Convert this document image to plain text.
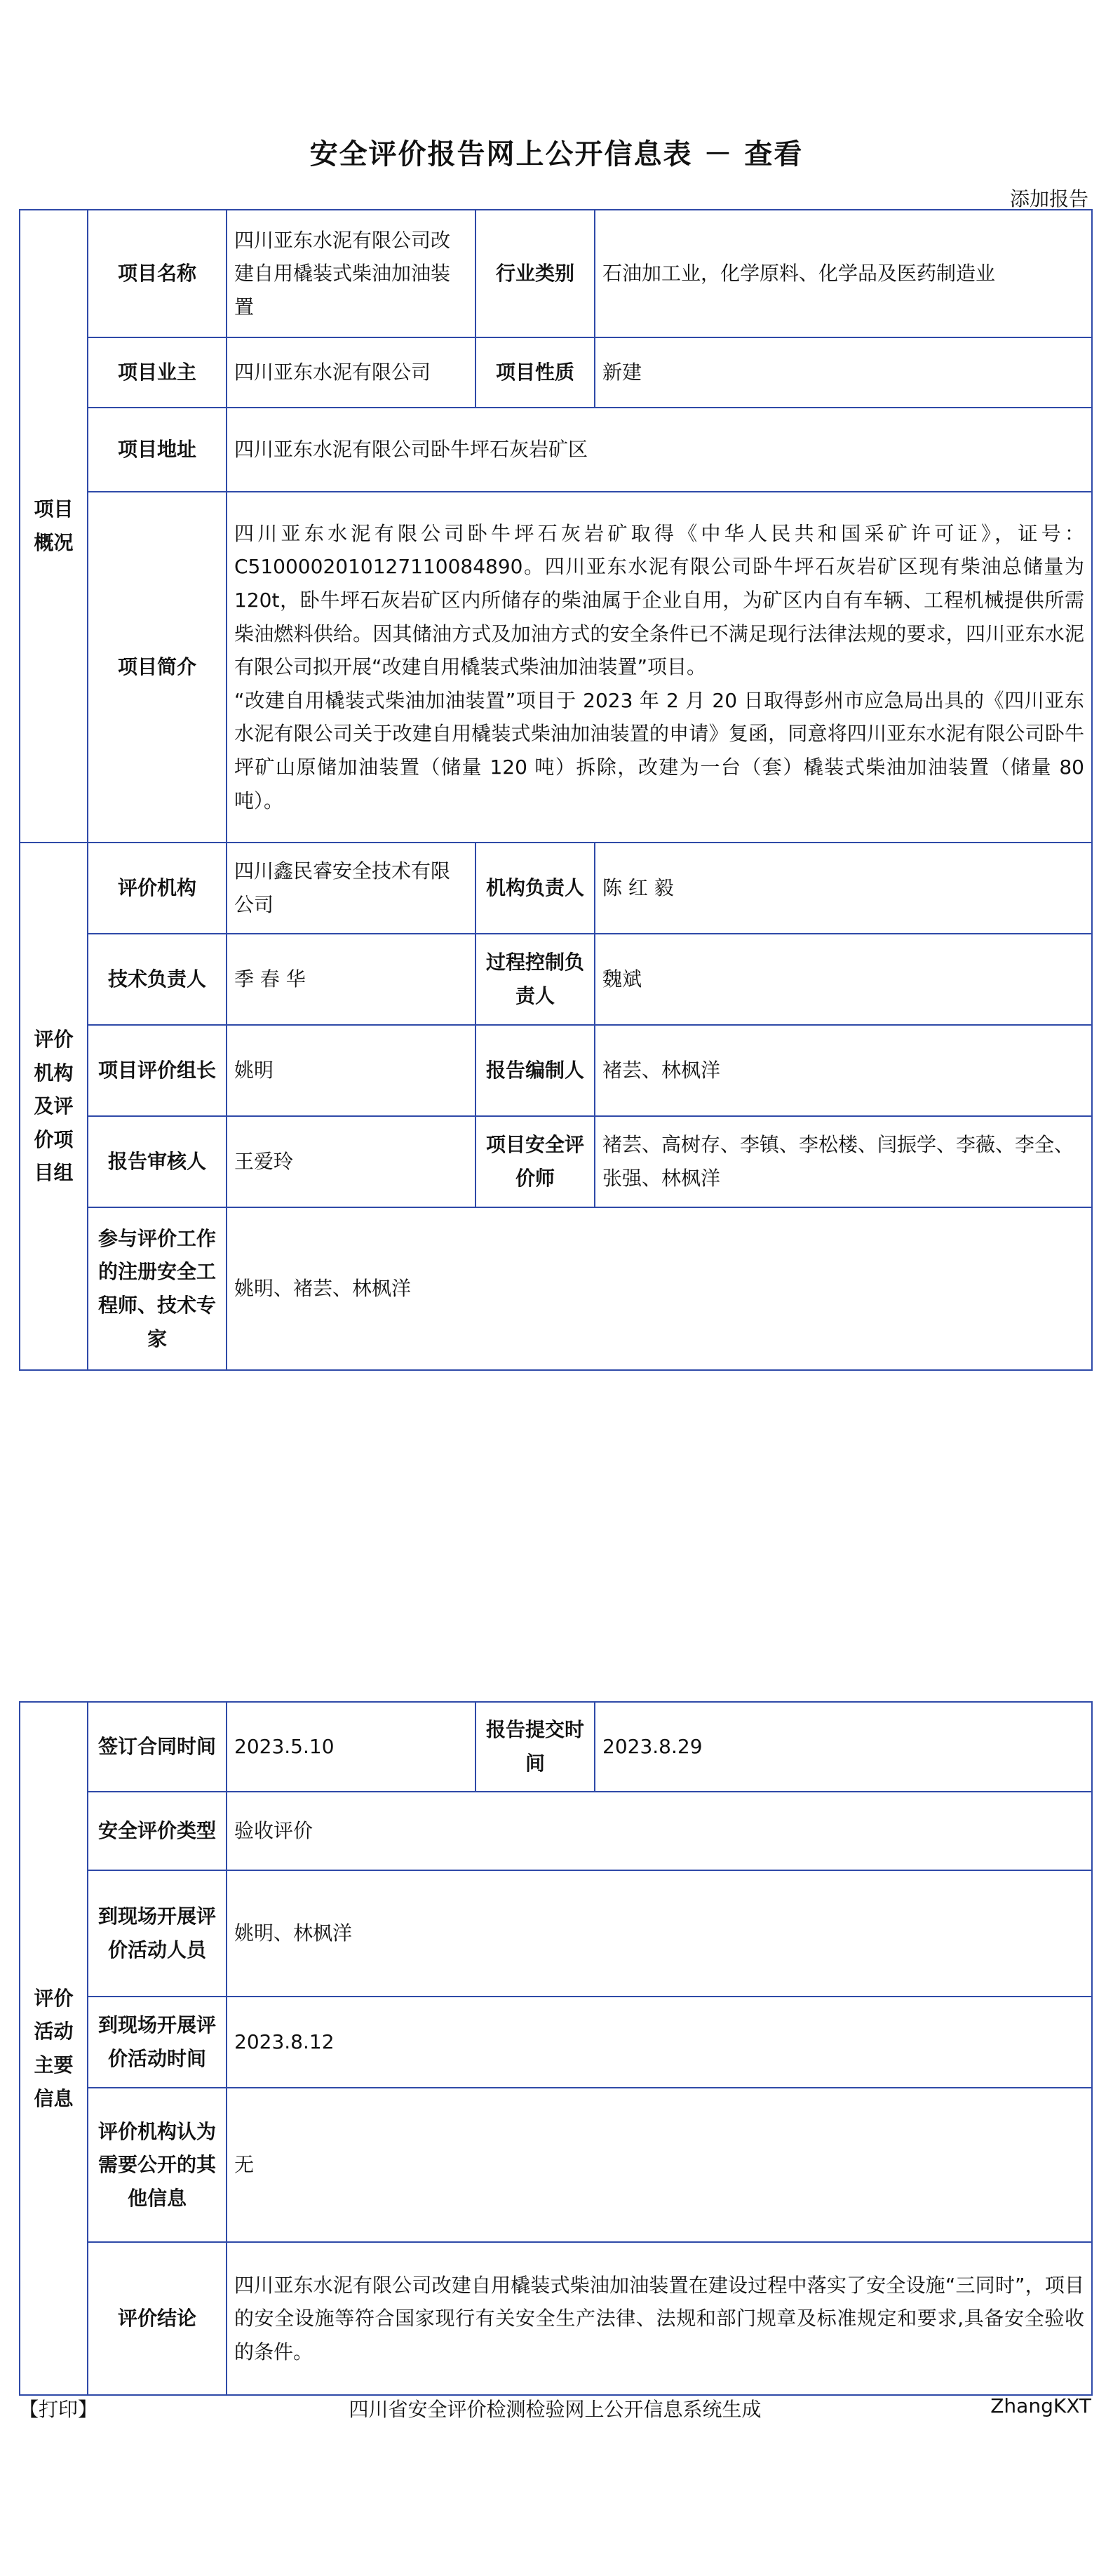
安全评价报告网上公开信息表 － 查看
添加报告
项目概况	项目名称	四川亚东水泥有限公司改建自用橇装式柴油加油装置	行业类别	石油加工业，化学原料、化学品及医药制造业
	项目业主	四川亚东水泥有限公司	项目性质	新建
	项目地址	四川亚东水泥有限公司卧牛坪石灰岩矿区		
	项目简介	四川亚东水泥有限公司卧牛坪石灰岩矿取得《中华人民共和国采矿许可证》，证号：C5100002010127110084890。四川亚东水泥有限公司卧牛坪石灰岩矿区现有柴油总储量为 120t，卧牛坪石灰岩矿区内所储存的柴油属于企业自用，为矿区内自有车辆、工程机械提供所需柴油燃料供给。因其储油方式及加油方式的安全条件已不满足现行法律法规的要求，四川亚东水泥有限公司拟开展“改建自用橇装式柴油加油装置”项目。
“改建自用橇装式柴油加油装置”项目于 2023 年 2 月 20 日取得彭州市应急局出具的《四川亚东水泥有限公司关于改建自用橇装式柴油加油装置的申请》复函，同意将四川亚东水泥有限公司卧牛坪矿山原储加油装置（储量 120 吨）拆除，改建为一台（套）橇装式柴油加油装置（储量 80 吨）。		

评价机构及评价项目组	评价机构	四川鑫民睿安全技术有限公司	机构负责人	陈 红 毅
	技术负责人	季 春 华	过程控制负责人	魏斌
	项目评价组长	姚明	报告编制人	褚芸、林枫洋
	报告审核人	王爱玲	项目安全评价师	褚芸、高树存、李镇、李松楼、闫振学、李薇、李全、张强、林枫洋
	参与评价工作的注册安全工程师、技术专家	姚明、褚芸、林枫洋		
评价活动主要信息	签订合同时间	2023.5.10	报告提交时间	2023.8.29
	安全评价类型	验收评价		
	到现场开展评价活动人员	姚明、林枫洋		
	到现场开展评价活动时间	2023.8.12		
	评价机构认为需要公开的其他信息	无		
	评价结论	四川亚东水泥有限公司改建自用橇装式柴油加油装置在建设过程中落实了安全设施“三同时”，项目的安全设施等符合国家现行有关安全生产法律、法规和部门规章及标准规定和要求,具备安全验收的条件。		
四川省安全评价检测检验网上公开信息系统生成
【打印】	ZhangKXT
